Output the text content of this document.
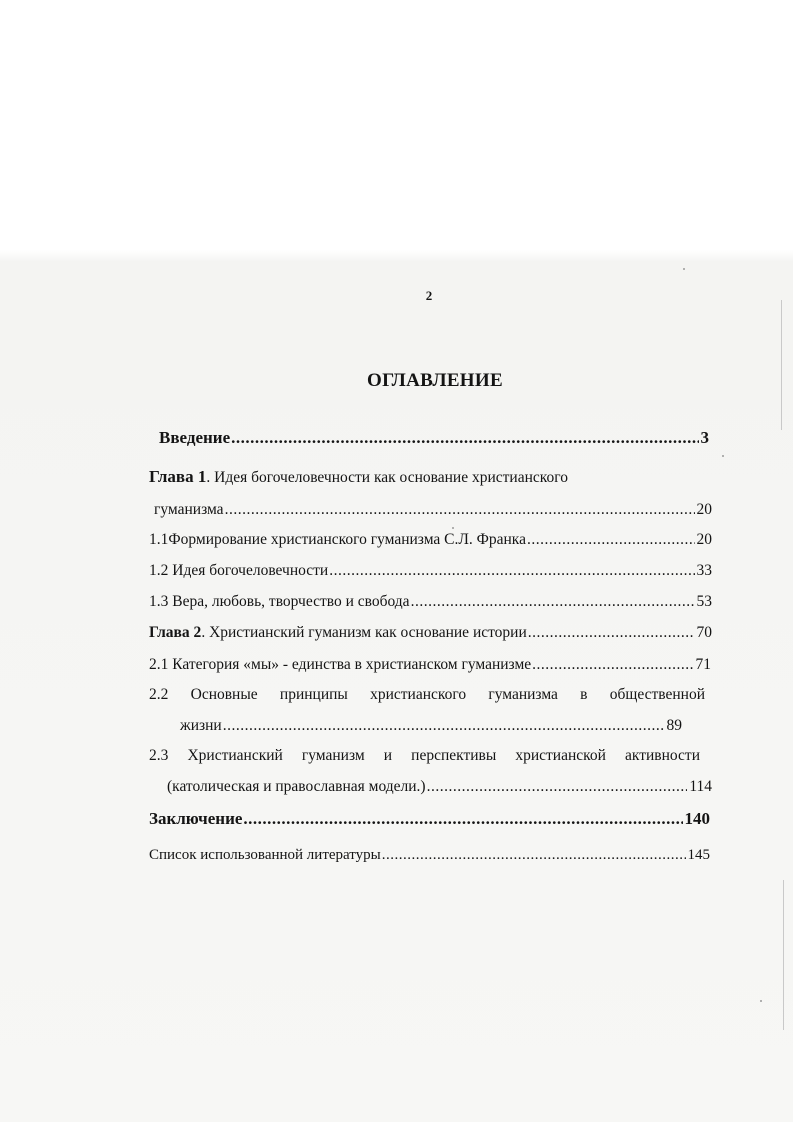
2
ОГЛАВЛЕНИЕ
Введение .....	3
Глава 1. Идея богочеловечности как основание христианского
гуманизма .....	20
1.1Формирование христианского гуманизма С.Л. Франка .....	20
1.2 Идея богочеловечности .....	33
1.3 Вера, любовь, творчество и свобода .....	53
Глава 2. Христианский гуманизм как основание истории .....	70
2.1 Категория «мы» - единства в христианском гуманизме .....	71
2.2 Основные принципы христианского гуманизма в общественной
жизни .....	89
2.3 Христианский гуманизм и перспективы христианской активности
(католическая и православная модели.) .....	114
Заключение .....	140
Список использованной литературы .....	145
